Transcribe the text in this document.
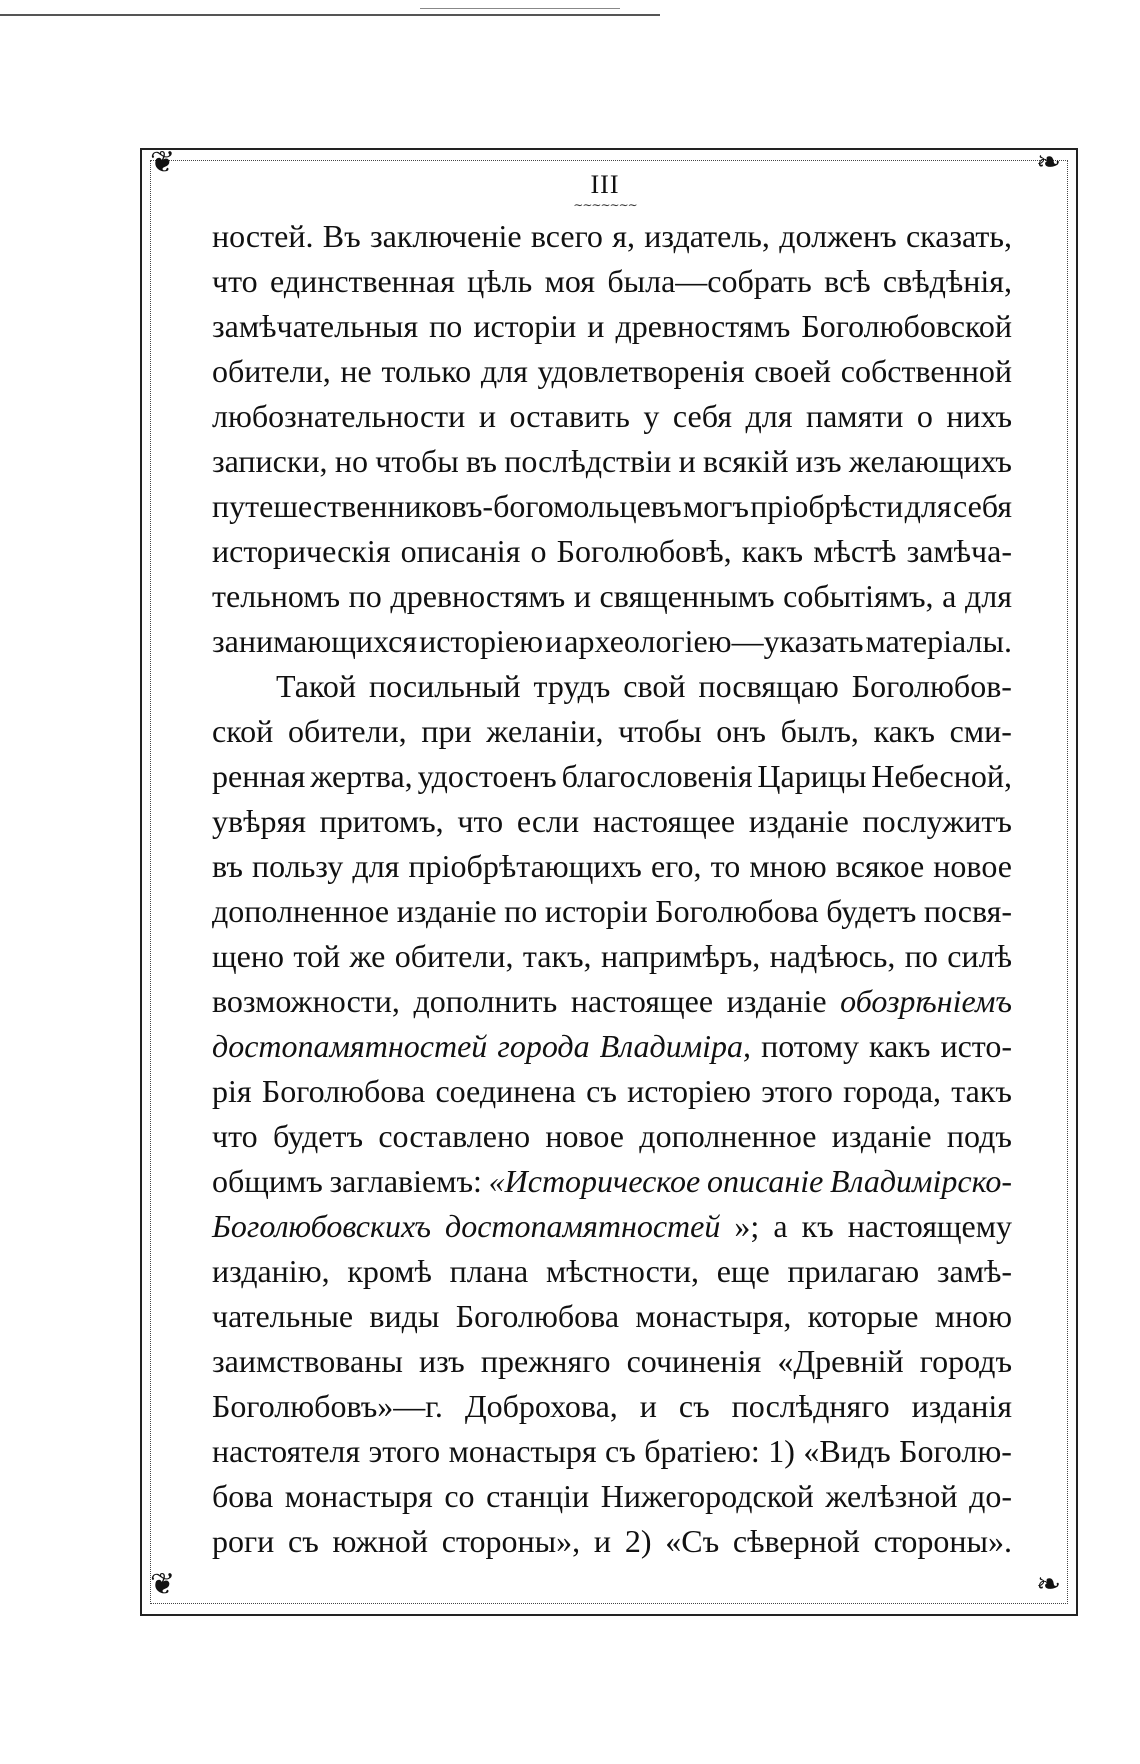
❦	❧
❦	❧
III
∼∼∼∼∼∼∼
ностей. Въ заключеніе всего я, издатель, долженъ сказать,
что единственная цѣль моя была—собрать всѣ свѣдѣнія,
замѣчательныя по исторіи и древностямъ Боголюбовской
обители, не только для удовлетворенія своей собственной
любознательности и оставить у себя для памяти о нихъ
записки, но чтобы въ послѣдствіи и всякій изъ желающихъ
путешественниковъ-богомольцевъ могъ пріобрѣсти для себя
историческія описанія о Боголюбовѣ, какъ мѣстѣ замѣча-
тельномъ по древностямъ и священнымъ событіямъ, а для
занимающихся исторіею и археологіею—указать матеріалы.
Такой посильный трудъ свой посвящаю Боголюбов-
ской обители, при желаніи, чтобы онъ былъ, какъ сми-
ренная жертва, удостоенъ благословенія Царицы Небесной,
увѣряя притомъ, что если настоящее изданіе послужитъ
въ пользу для пріобрѣтающихъ его, то мною всякое новое
дополненное изданіе по исторіи Боголюбова будетъ посвя-
щено той же обители, такъ, напримѣръ, надѣюсь, по силѣ
возможности, дополнить настоящее изданіе обозрѣніемъ
достопамятностей города Владиміра, потому какъ исто-
рія Боголюбова соединена съ исторіею этого города, такъ
что будетъ составлено новое дополненное изданіе подъ
общимъ заглавіемъ: «Историческое описаніе Владимірско-
Боголюбовскихъ достопамятностей »; а къ настоящему
изданію, кромѣ плана мѣстности, еще прилагаю замѣ-
чательные виды Боголюбова монастыря, которые мною
заимствованы изъ прежняго сочиненія «Древній городъ
Боголюбовъ»—г. Доброхова, и съ послѣдняго изданія
настоятеля этого монастыря съ братіею: 1) «Видъ Боголю-
бова монастыря со станціи Нижегородской желѣзной до-
роги съ южной стороны», и 2) «Съ сѣверной стороны».
